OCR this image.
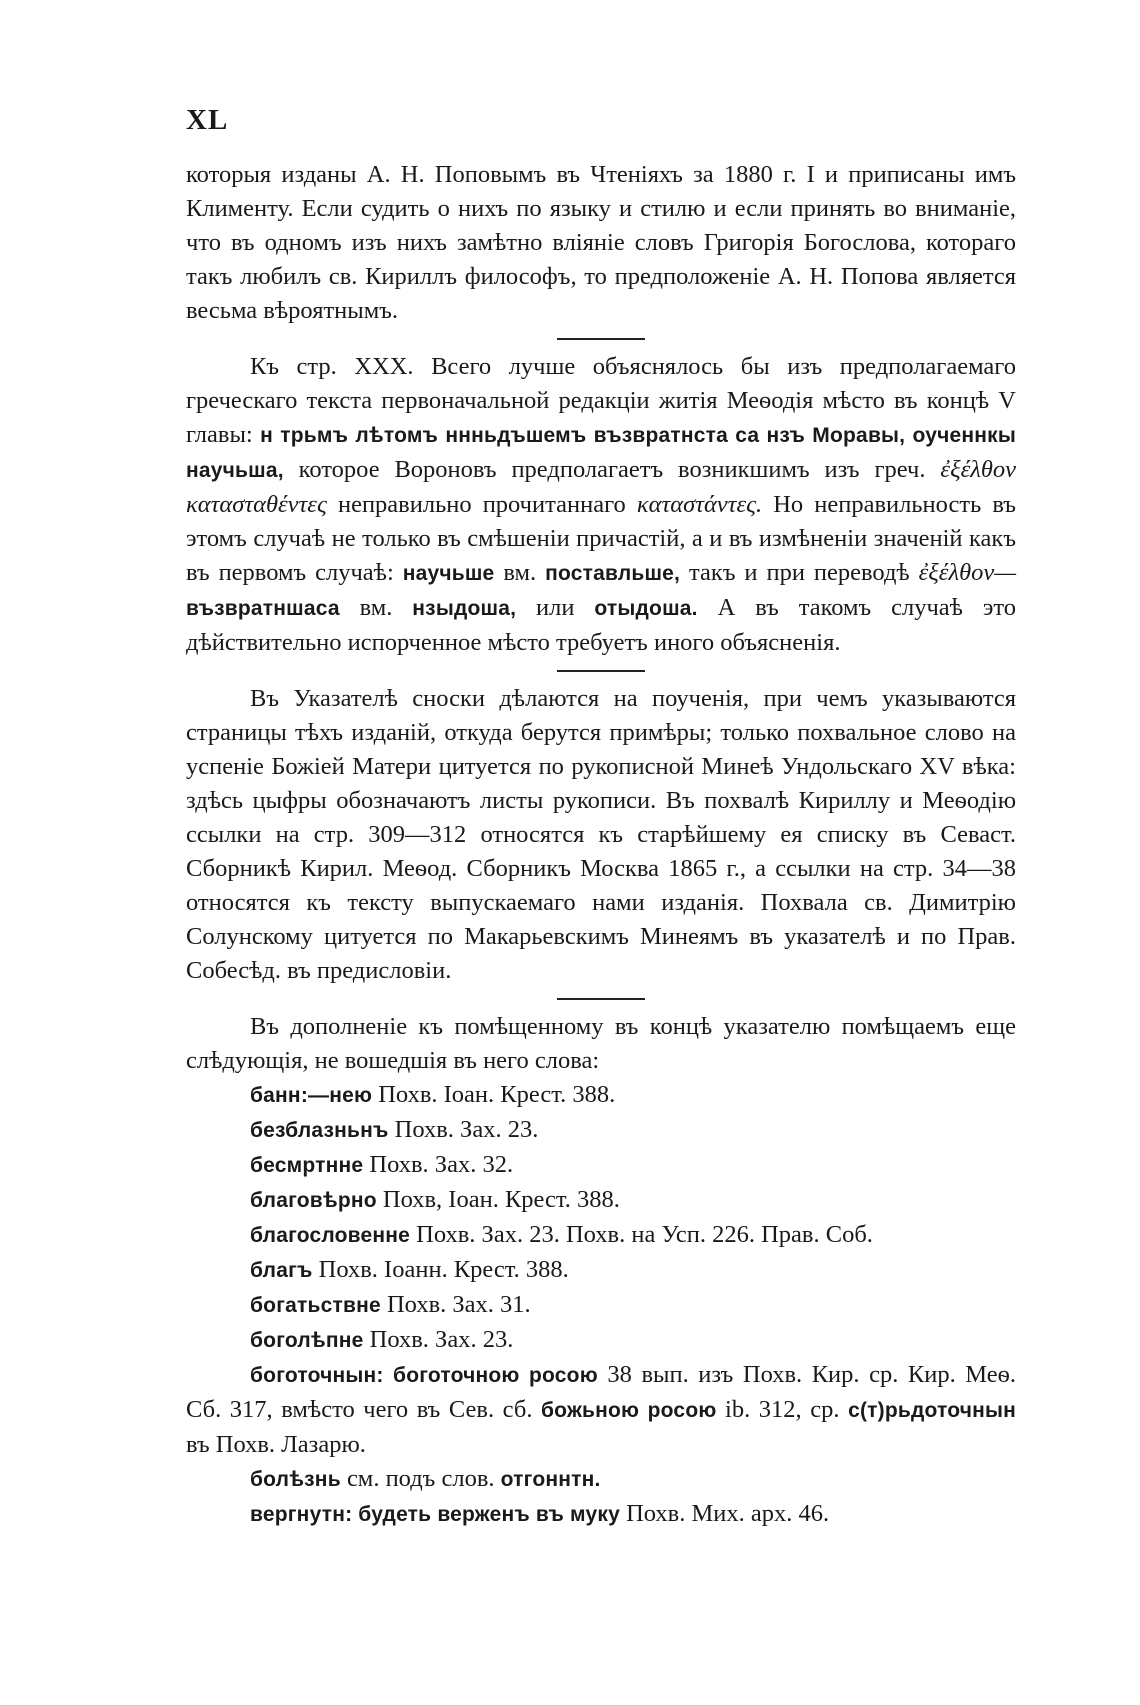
XL

которыя изданы А. Н. Поповымъ въ Чтеніяхъ за 1880 г. I и приписаны имъ Клименту. Если судить о нихъ по языку и стилю и если принять во вниманіе, что въ одномъ изъ нихъ замѣтно вліяніе словъ Григорія Богослова, котораго такъ любилъ св. Кириллъ философъ, то предположеніе А. Н. Попова является весьма вѣроятнымъ.

Къ стр. XXX. Всего лучше объяснялось бы изъ предполагаемаго греческаго текста первоначальной редакціи житія Меѳодія мѣсто въ концѣ V главы: н трьмъ лѣтомъ ннньдъшемъ възвратнста са нзъ Моравы, оученнкы научьша, которое Вороновъ предполагаетъ возникшимъ изъ греч. ἐξέλθον κατασταθέντες неправильно прочитаннаго καταστάντες. Но неправильность въ этомъ случаѣ не только въ смѣшеніи причастій, а и въ измѣненіи значеній какъ въ первомъ случаѣ: научьше вм. поставльше, такъ и при переводѣ ἐξέλθον—възвратншаса вм. нзыдоша, или отыдоша. А въ такомъ случаѣ это дѣйствительно испорченное мѣсто требуетъ иного объясненія.

Въ Указателѣ сноски дѣлаются на поученія, при чемъ указываются страницы тѣхъ изданій, откуда берутся примѣры; только похвальное слово на успеніе Божіей Матери цитуется по рукописной Минеѣ Ундольскаго XV вѣка: здѣсь цыфры обозначаютъ листы рукописи. Въ похвалѣ Кириллу и Меѳодію ссылки на стр. 309—312 относятся къ старѣйшему ея списку въ Севаст. Сборникѣ Кирил. Меѳод. Сборникъ Москва 1865 г., а ссылки на стр. 34—38 относятся къ тексту выпускаемаго нами изданія. Похвала св. Димитрію Солунскому цитуется по Макарьевскимъ Минеямъ въ указателѣ и по Прав. Собесѣд. въ предисловіи.

Въ дополненіе къ помѣщенному въ концѣ указателю помѣщаемъ еще слѣдующія, не вошедшія въ него слова:

банн:—нею Похв. Іоан. Крест. 388.

безблазньнъ Похв. Зах. 23.

бесмртнне Похв. Зах. 32.

благовѣрно Похв, Іоан. Крест. 388.

благословенне Похв. Зах. 23. Похв. на Усп. 226. Прав. Соб.

благъ Похв. Іоанн. Крест. 388.

богатьствне Похв. Зах. 31.

боголѣпне Похв. Зах. 23.

боготочнын: боготочною росою 38 вып. изъ Похв. Кир. ср. Кир. Меѳ. Сб. 317, вмѣсто чего въ Сев. сб. божьною росою ib. 312, ср. с(т)рьдоточнын въ Похв. Лазарю.

болѣзнь см. подъ слов. отгоннтн.

вергнутн: будеть верженъ въ муку Похв. Мих. арх. 46.
